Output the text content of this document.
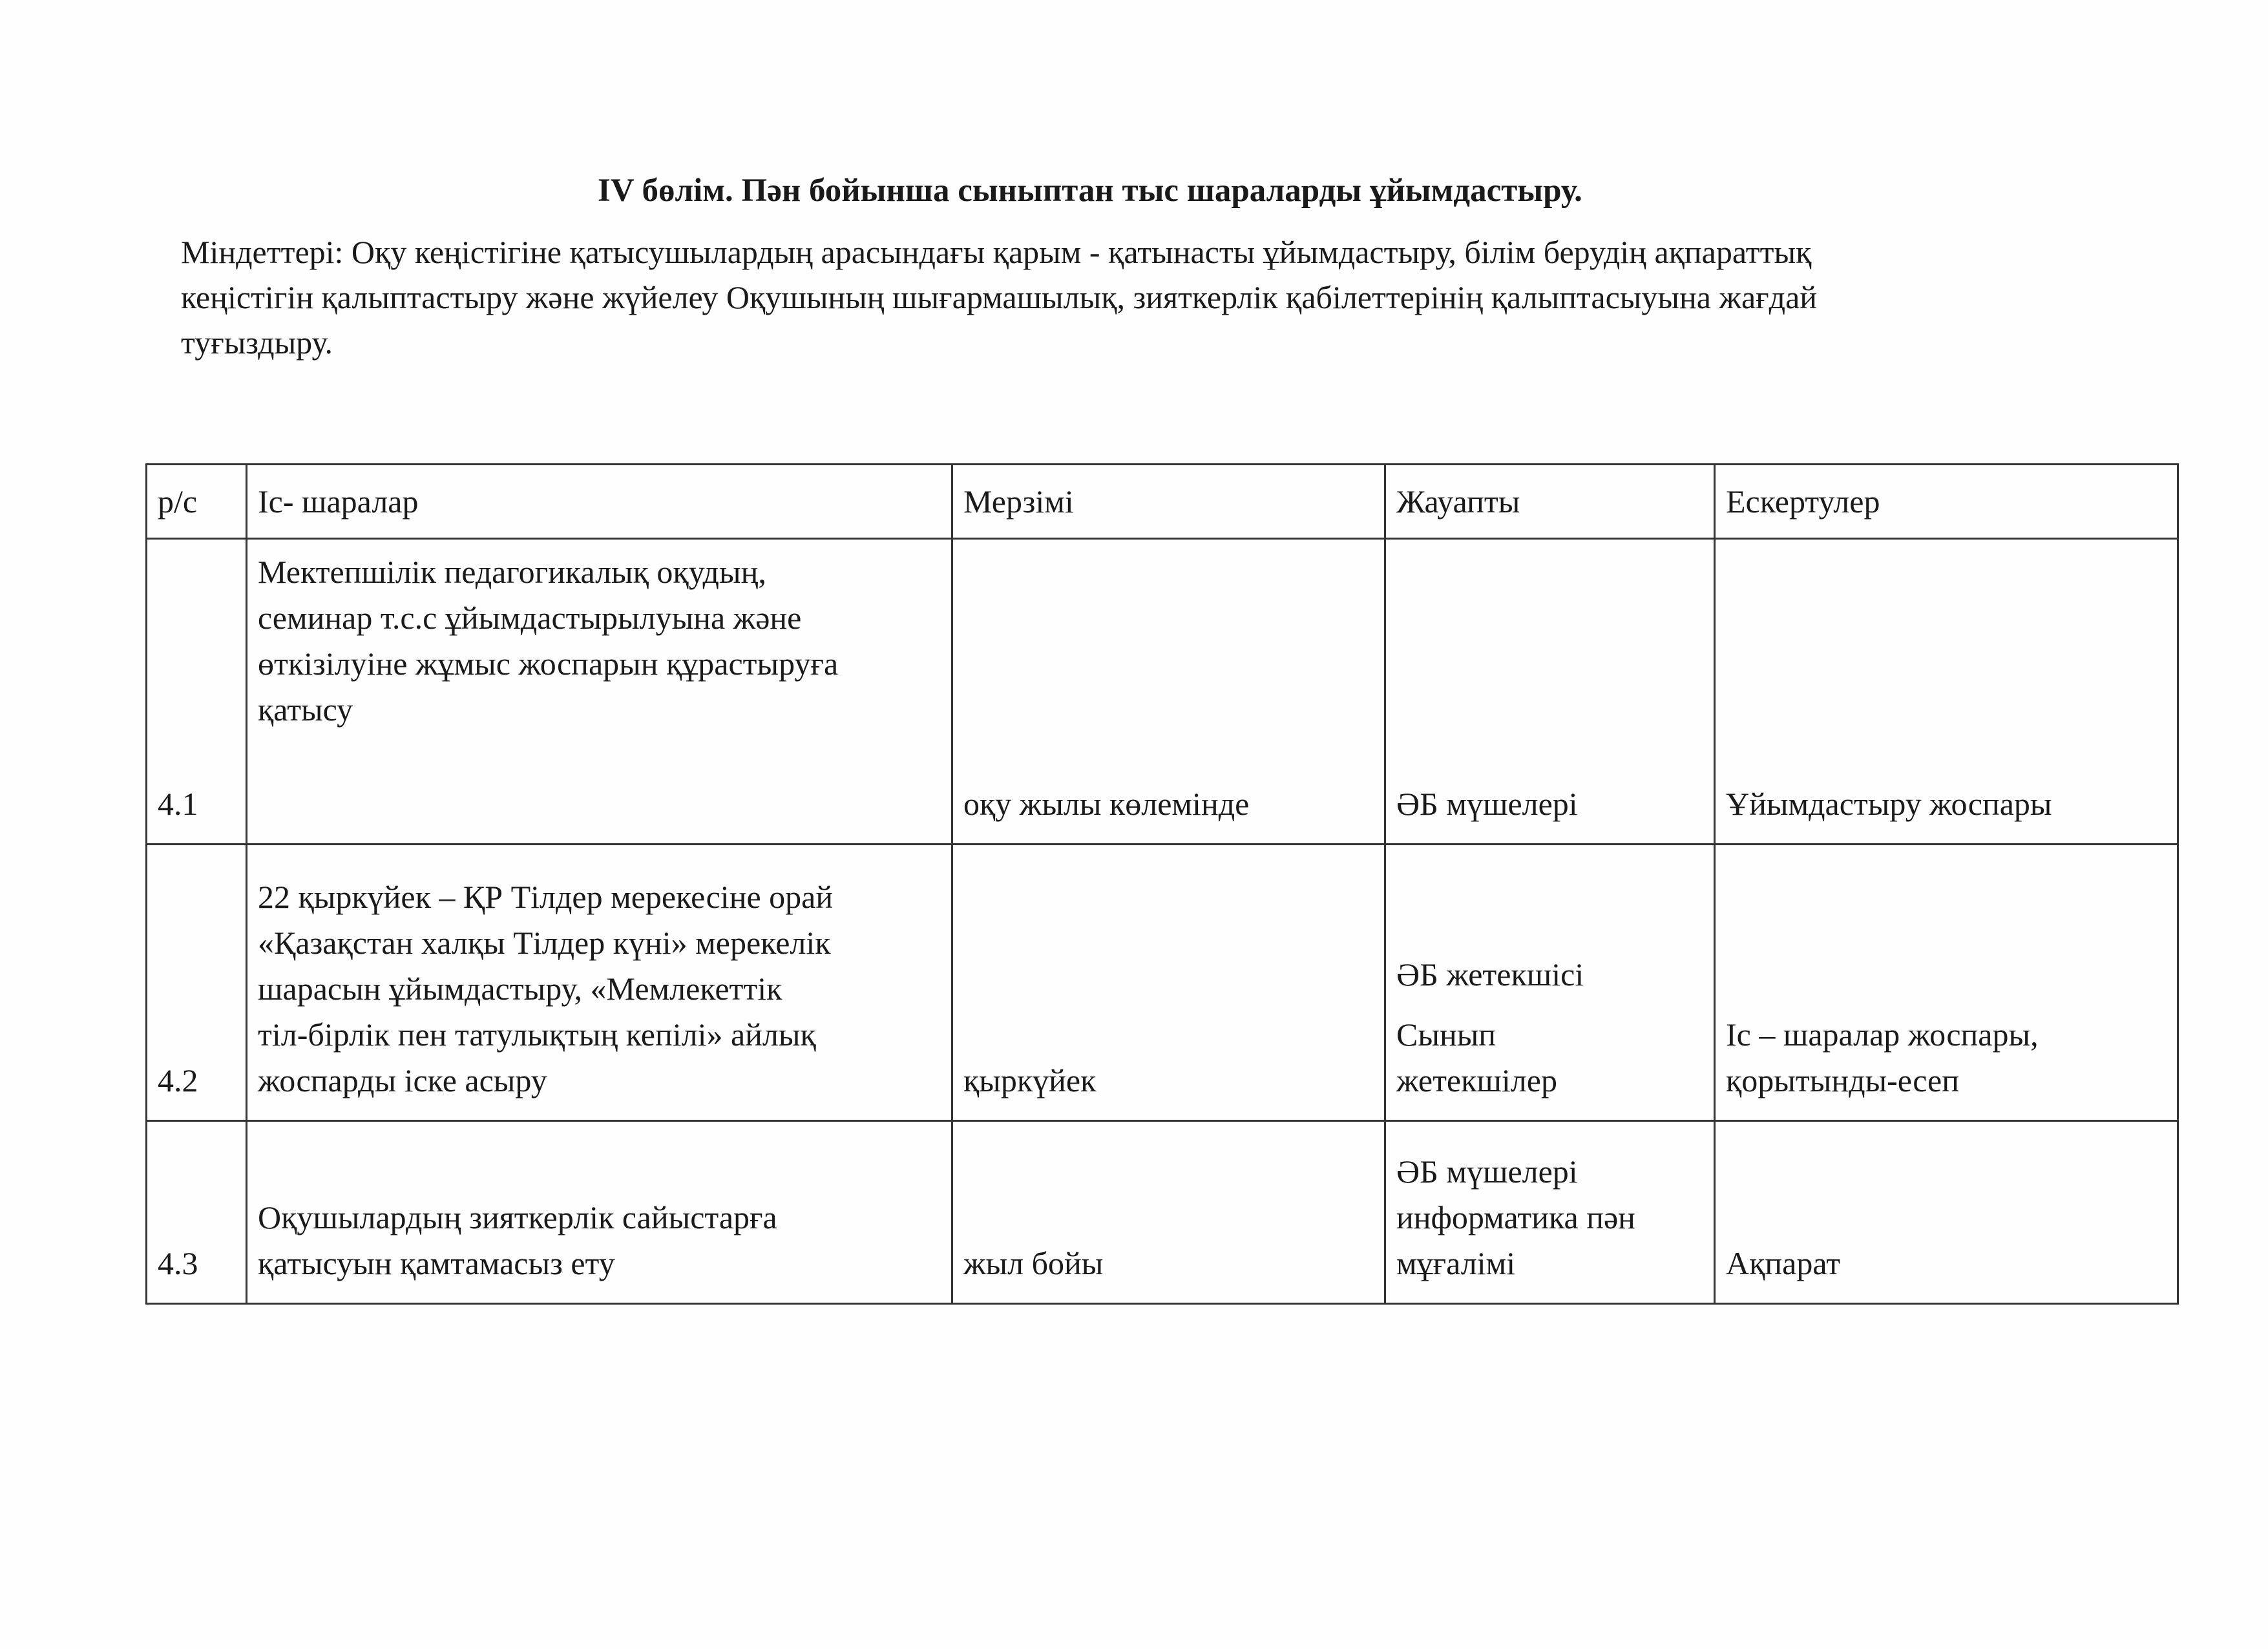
IV бөлім. Пән бойынша сыныптан тыс шараларды ұйымдастыру.

Міндеттері: Оқу кеңістігіне қатысушылардың арасындағы қарым - қатынасты ұйымдастыру, білім берудің ақпараттық
кеңістігін қалыптастыру және жүйелеу Оқушының шығармашылық, зияткерлік қабілеттерінің қалыптасыуына жағдай
туғыздыру.

р/с	Іс- шаралар	Мерзімі	Жауапты	Ескертулер
4.1	Мектепшілік педагогикалық оқудың,
семинар т.с.с ұйымдастырылуына және
өткізілуіне жұмыс жоспарын құрастыруға
қатысу	оқу жылы көлемінде	ӘБ мүшелері	Ұйымдастыру жоспары

4.2	22 қыркүйек – ҚР Тілдер мерекесіне орай
«Қазақстан халқы Тілдер күні» мерекелік
шарасын ұйымдастыру, «Мемлекеттік
тіл-бірлік пен татулықтың кепілі» айлық
жоспарды іске асыру	қыркүйек	ӘБ жетекшісі
Сынып
жетекшілер	Іс – шаралар жоспары,
қорытынды-есеп

4.3	Оқушылардың зияткерлік сайыстарға
қатысуын қамтамасыз ету	жыл бойы	ӘБ мүшелері
информатика пән
мұғалімі	Ақпарат
